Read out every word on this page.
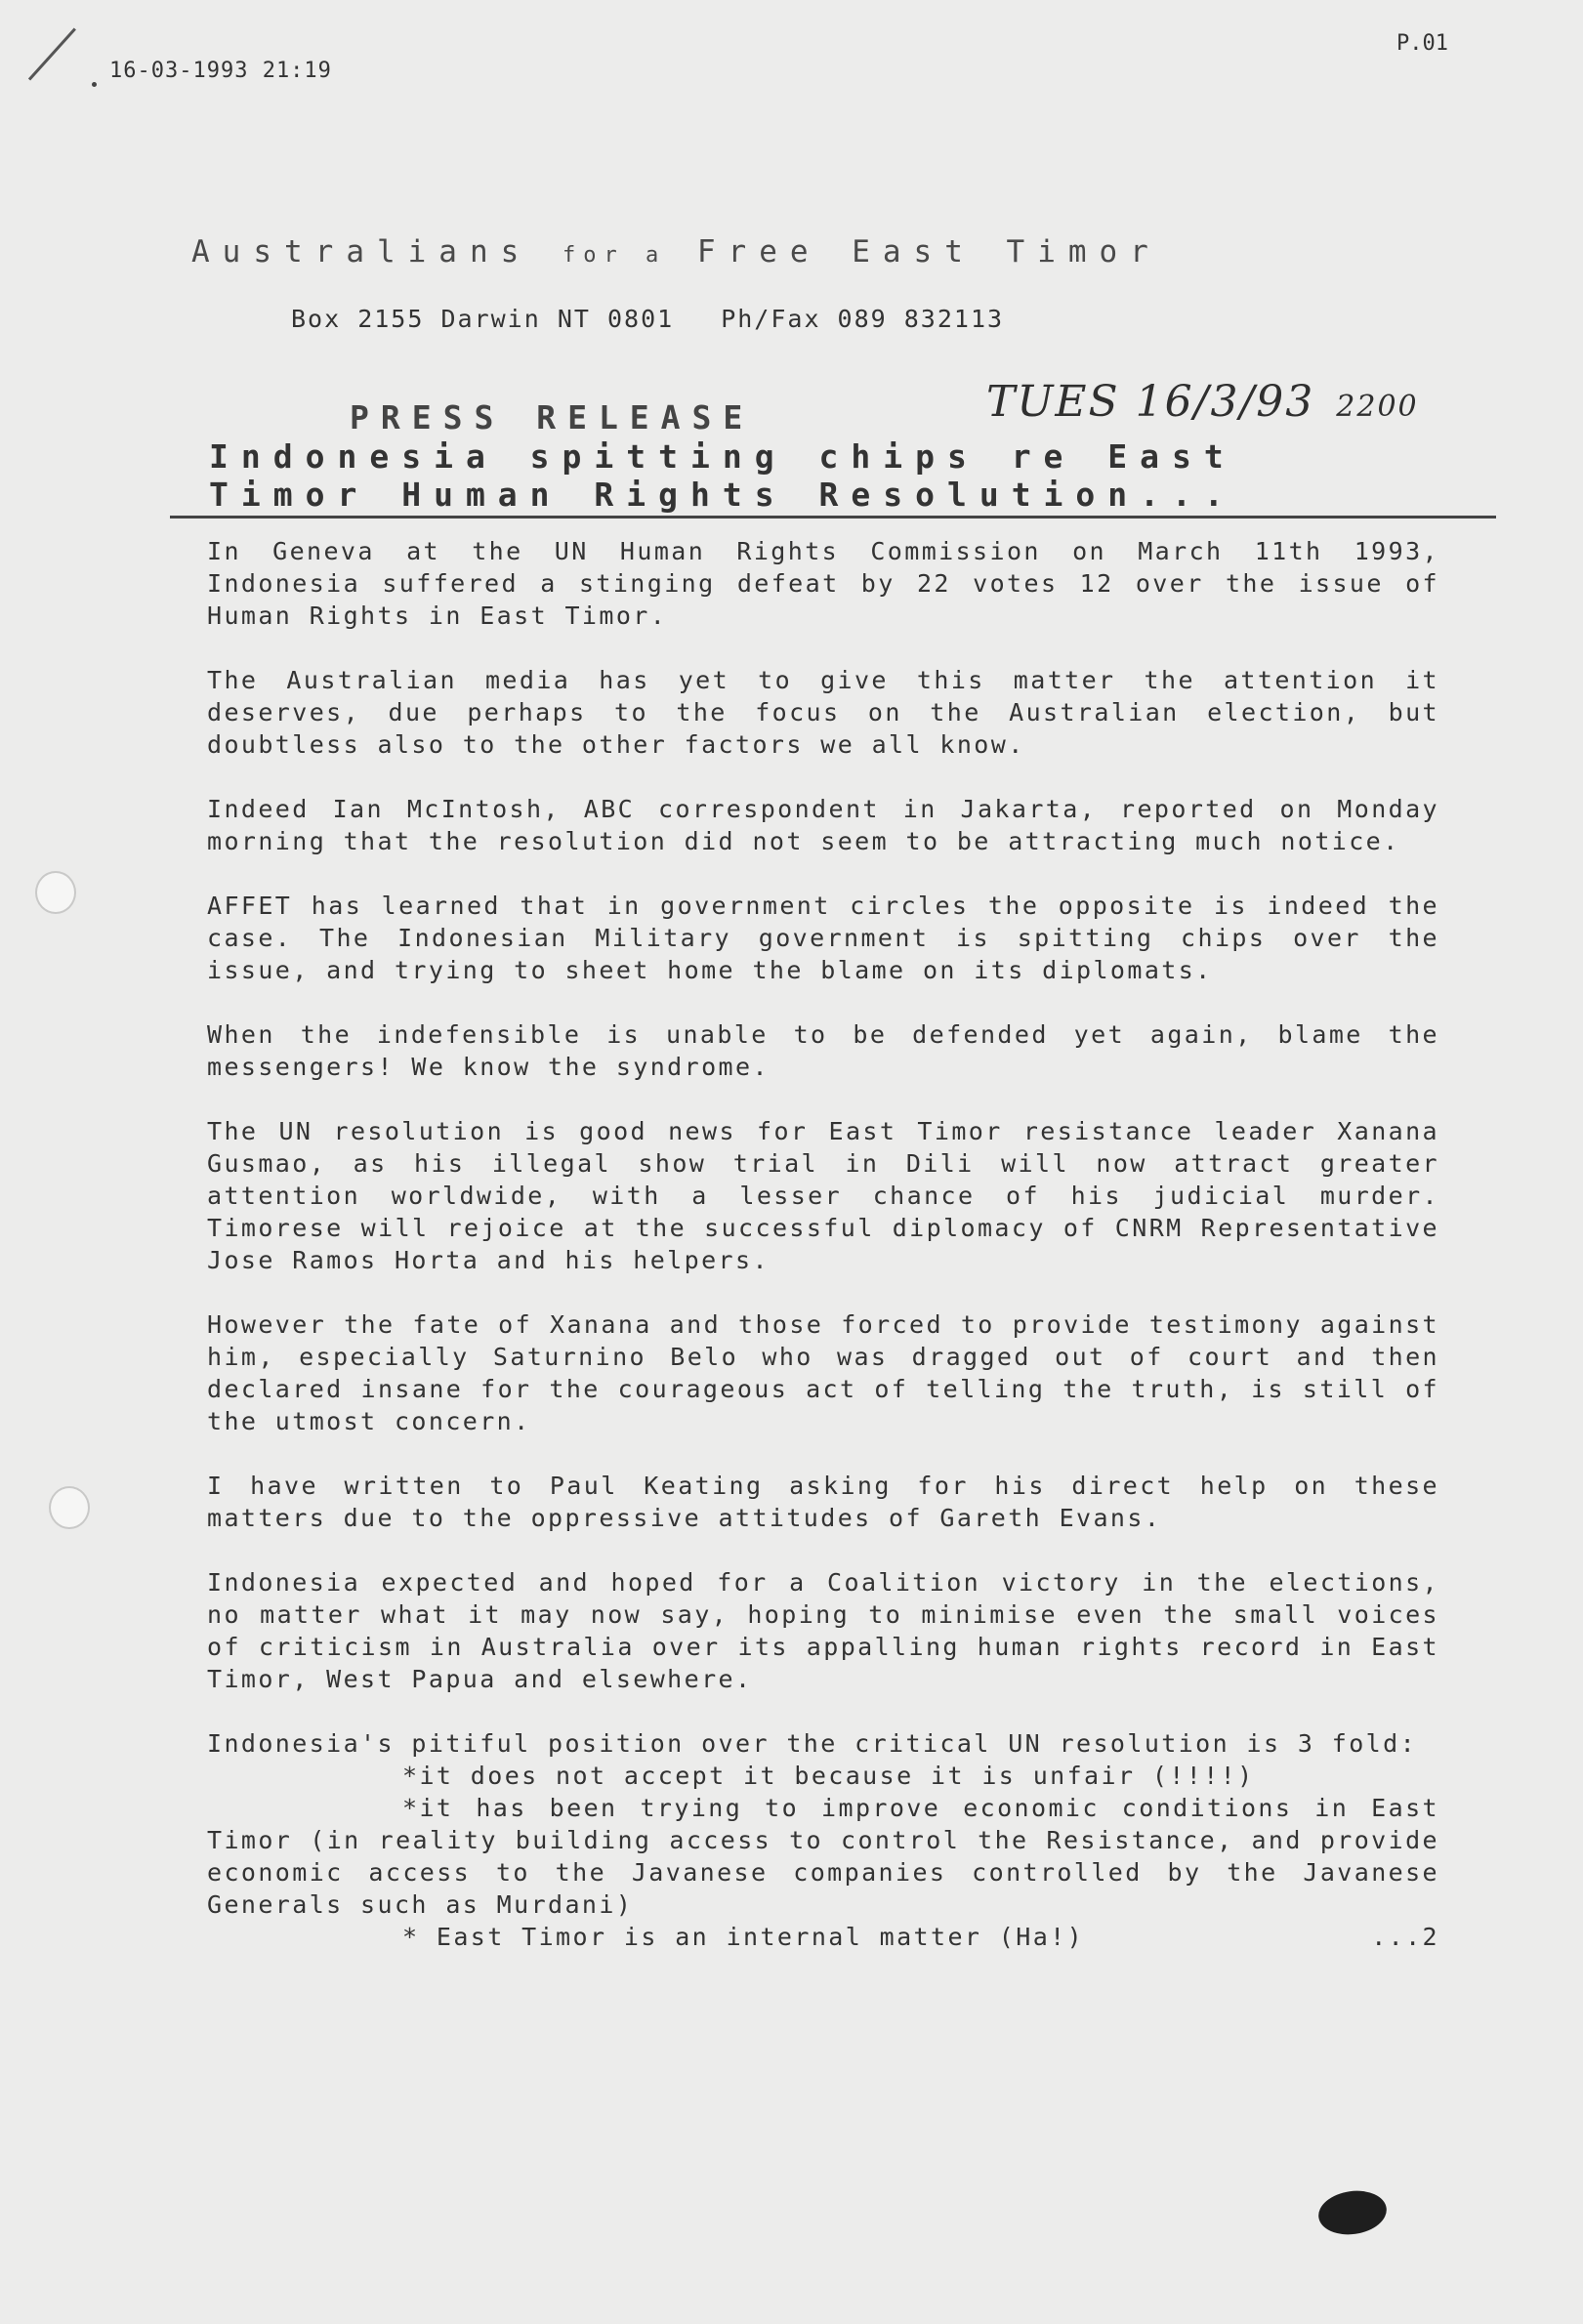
16-03-1993 21:19
P.01
Australians for a Free East Timor
Box 2155 Darwin NT 0801 Ph/Fax 089 832113
PRESS RELEASE	TUES 16/3/93 2200
Indonesia spitting chips re East
Timor Human Rights Resolution...

In Geneva at the UN Human Rights Commission on March 11th 1993, Indonesia suffered a stinging defeat by 22 votes 12 over the issue of Human Rights in East Timor.

The Australian media has yet to give this matter the attention it deserves, due perhaps to the focus on the Australian election, but doubtless also to the other factors we all know.

Indeed Ian McIntosh, ABC correspondent in Jakarta, reported on Monday morning that the resolution did not seem to be attracting much notice.

AFFET has learned that in government circles the opposite is indeed the case. The Indonesian Military government is spitting chips over the issue, and trying to sheet home the blame on its diplomats.

When the indefensible is unable to be defended yet again, blame the messengers! We know the syndrome.

The UN resolution is good news for East Timor resistance leader Xanana Gusmao, as his illegal show trial in Dili will now attract greater attention worldwide, with a lesser chance of his judicial murder. Timorese will rejoice at the successful diplomacy of CNRM Representative Jose Ramos Horta and his helpers.

However the fate of Xanana and those forced to provide testimony against him, especially Saturnino Belo who was dragged out of court and then declared insane for the courageous act of telling the truth, is still of the utmost concern.

I have written to Paul Keating asking for his direct help on these matters due to the oppressive attitudes of Gareth Evans.

Indonesia expected and hoped for a Coalition victory in the elections, no matter what it may now say, hoping to minimise even the small voices of criticism in Australia over its appalling human rights record in East Timor, West Papua and elsewhere.

Indonesia's pitiful position over the critical UN resolution is 3 fold:

*it does not accept it because it is unfair (!!!!)
*it has been trying to improve economic conditions in East Timor (in reality building access to control the Resistance, and provide economic access to the Javanese companies controlled by the Javanese Generals such as Murdani)
* East Timor is an internal matter (Ha!)	...2
